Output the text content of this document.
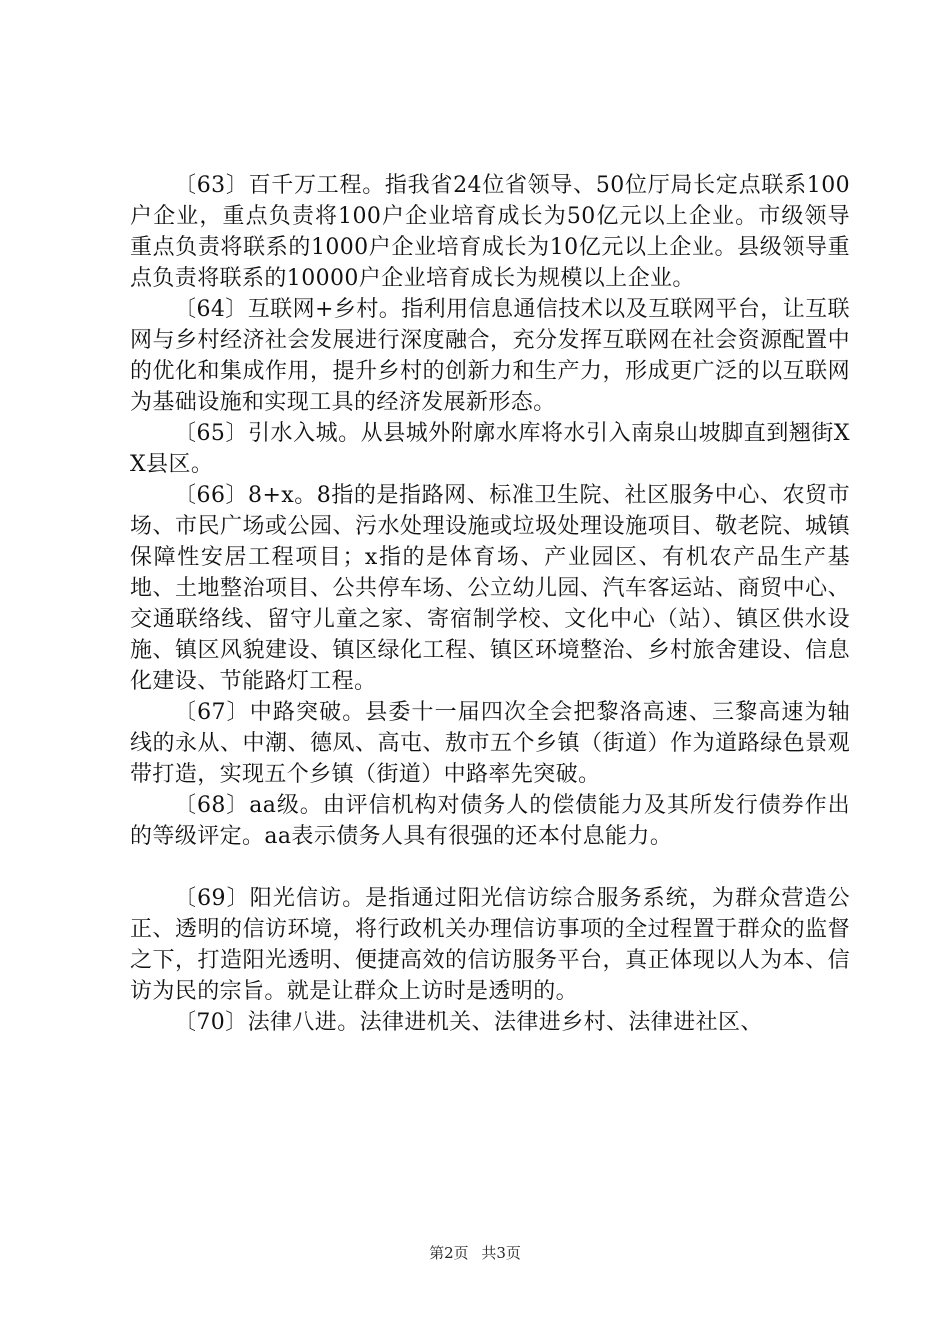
〔63〕百千万工程。指我省24位省领导、50位厅局长定点联系100户企业，重点负责将100户企业培育成长为50亿元以上企业。市级领导重点负责将联系的1000户企业培育成长为10亿元以上企业。县级领导重点负责将联系的10000户企业培育成长为规模以上企业。

〔64〕互联网+乡村。指利用信息通信技术以及互联网平台，让互联网与乡村经济社会发展进行深度融合，充分发挥互联网在社会资源配置中的优化和集成作用，提升乡村的创新力和生产力，形成更广泛的以互联网为基础设施和实现工具的经济发展新形态。

〔65〕引水入城。从县城外附廓水库将水引入南泉山坡脚直到翘街XX县区。

〔66〕8+x。8指的是指路网、标准卫生院、社区服务中心、农贸市场、市民广场或公园、污水处理设施或垃圾处理设施项目、敬老院、城镇保障性安居工程项目；x指的是体育场、产业园区、有机农产品生产基地、土地整治项目、公共停车场、公立幼儿园、汽车客运站、商贸中心、交通联络线、留守儿童之家、寄宿制学校、文化中心（站）、镇区供水设施、镇区风貌建设、镇区绿化工程、镇区环境整治、乡村旅舍建设、信息化建设、节能路灯工程。

〔67〕中路突破。县委十一届四次全会把黎洛高速、三黎高速为轴线的永从、中潮、德凤、高屯、敖市五个乡镇（街道）作为道路绿色景观带打造，实现五个乡镇（街道）中路率先突破。

〔68〕aa级。由评信机构对债务人的偿债能力及其所发行债券作出的等级评定。aa表示债务人具有很强的还本付息能力。

〔69〕阳光信访。是指通过阳光信访综合服务系统，为群众营造公正、透明的信访环境，将行政机关办理信访事项的全过程置于群众的监督之下，打造阳光透明、便捷高效的信访服务平台，真正体现以人为本、信访为民的宗旨。就是让群众上访时是透明的。

〔70〕法律八进。法律进机关、法律进乡村、法律进社区、

第2页 共3页
